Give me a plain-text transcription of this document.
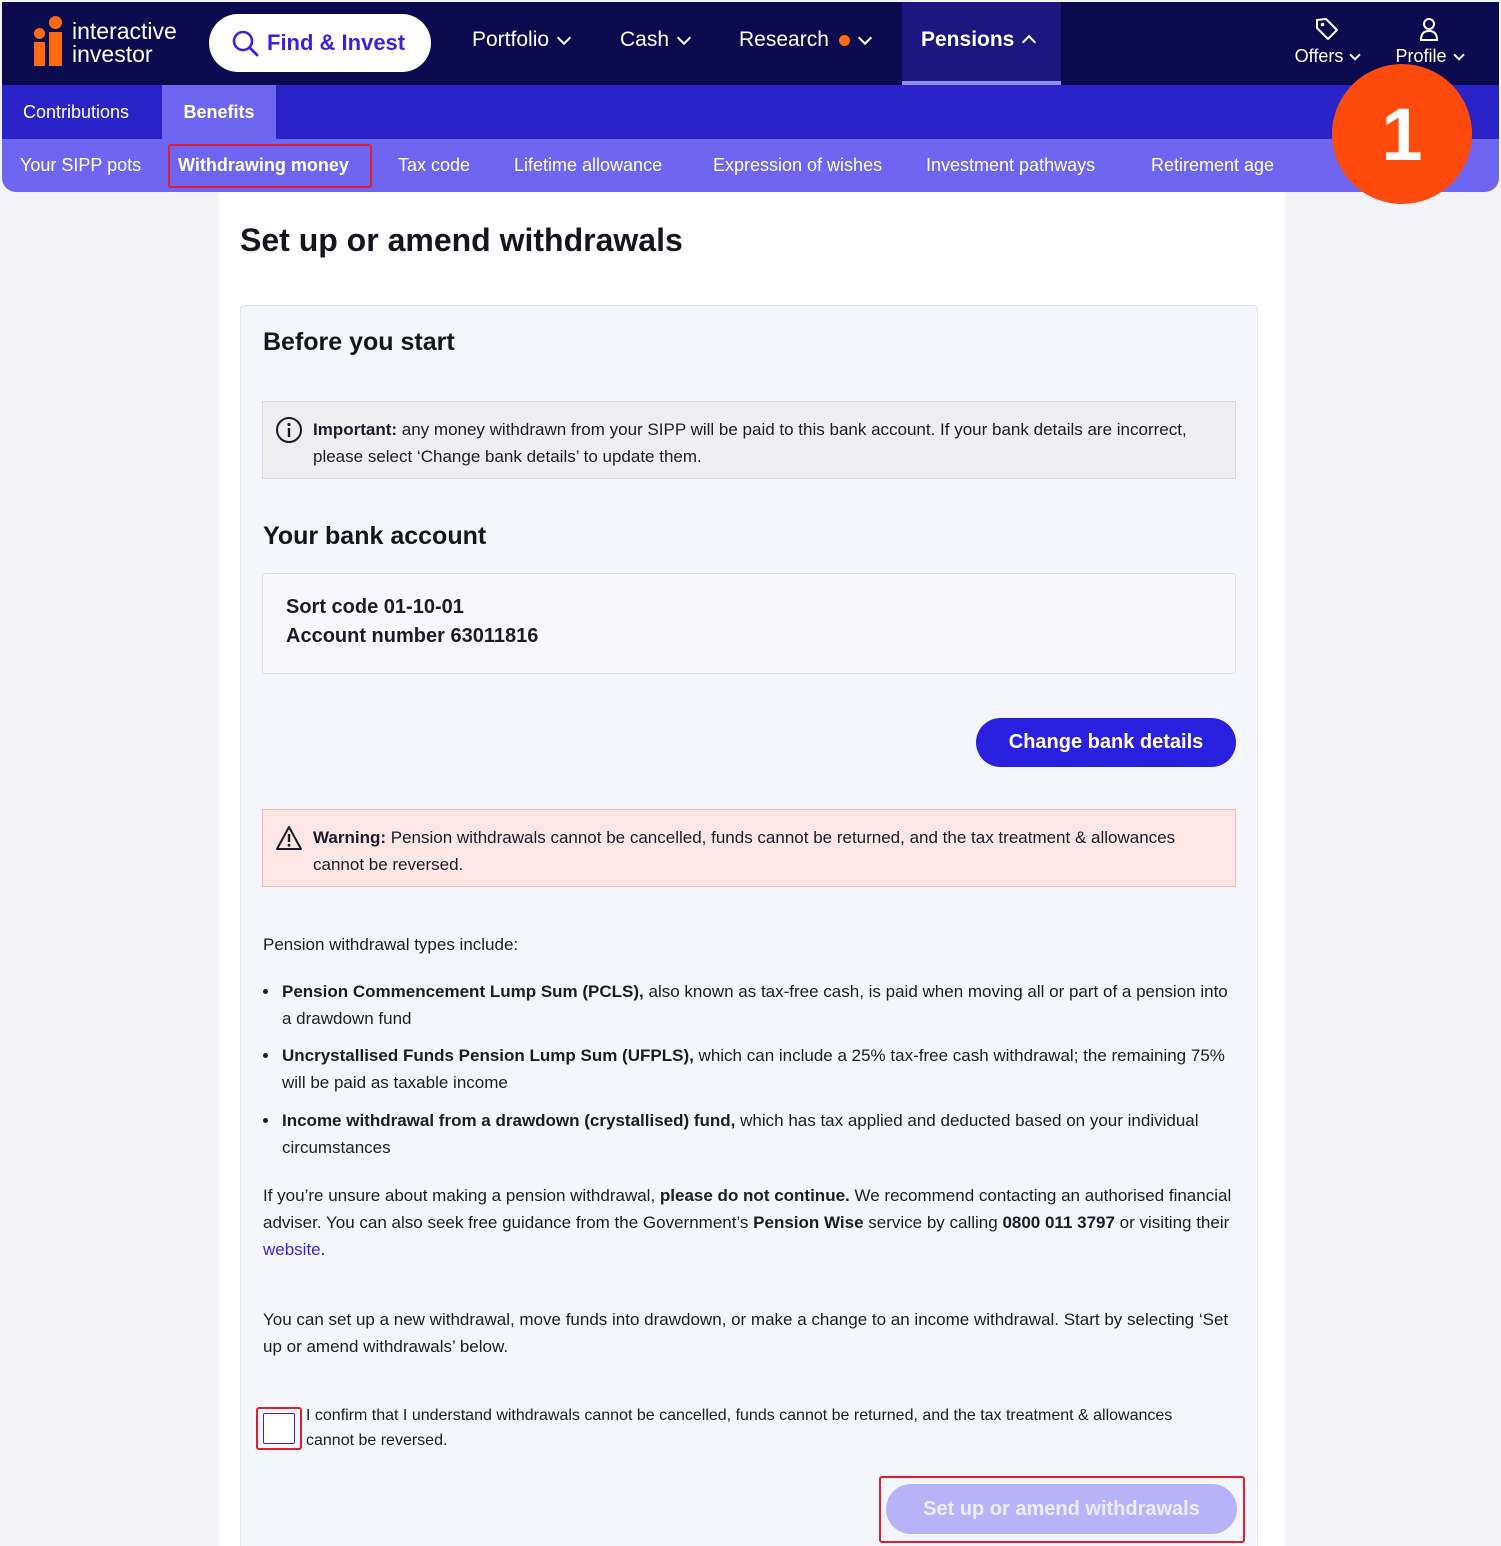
interactive
investor	Find & Invest	Portfolio	Cash	Research	Pensions
Offers	Profile
Contributions	Benefits
Your SIPP pots Withdrawing money	Tax code Lifetime allowance	Expression of wishes Investment pathways	Retirement age	1
Set up or amend withdrawals
Before you start
Important: any money withdrawn from your SIPP will be paid to this bank account. If your bank details are incorrect, please select ‘Change bank details’ to update them.
Your bank account
Sort code 01-10-01
Account number 63011816
Change bank details
Warning: Pension withdrawals cannot be cancelled, funds cannot be returned, and the tax treatment & allowances cannot be reversed.
Pension withdrawal types include:
Pension Commencement Lump Sum (PCLS), also known as tax-free cash, is paid when moving all or part of a pension into a drawdown fund
Uncrystallised Funds Pension Lump Sum (UFPLS), which can include a 25% tax-free cash withdrawal; the remaining 75% will be paid as taxable income
Income withdrawal from a drawdown (crystallised) fund, which has tax applied and deducted based on your individual circumstances
If you’re unsure about making a pension withdrawal, please do not continue. We recommend contacting an authorised financial adviser. You can also seek free guidance from the Government’s Pension Wise service by calling 0800 011 3797 or visiting their website.
You can set up a new withdrawal, move funds into drawdown, or make a change to an income withdrawal. Start by selecting ‘Set up or amend withdrawals’ below.
I confirm that I understand withdrawals cannot be cancelled, funds cannot be returned, and the tax treatment & allowances cannot be reversed.
Set up or amend withdrawals
